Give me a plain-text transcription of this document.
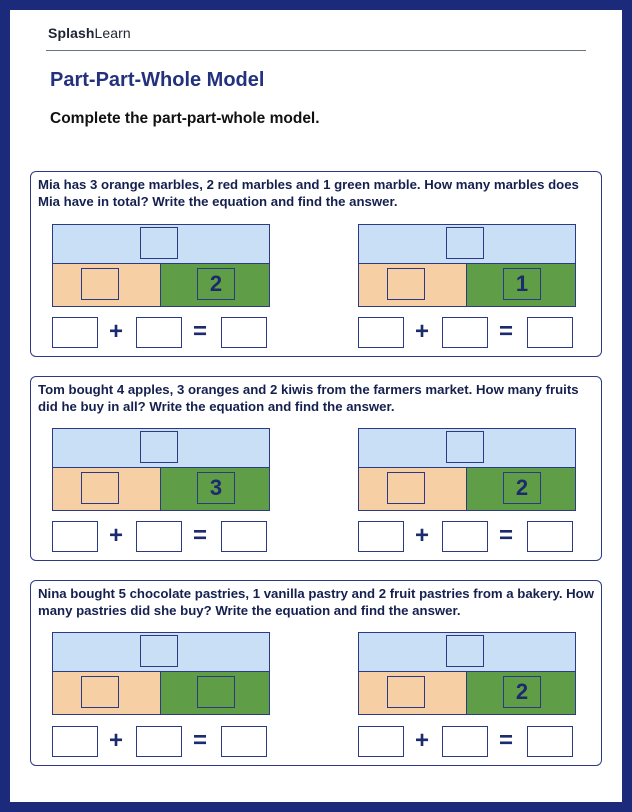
SplashLearn
Part-Part-Whole Model
Complete the part-part-whole model.
Mia has 3 orange marbles, 2 red marbles and 1 green marble. How many marbles does Mia have in total? Write the equation and find the answer.
2
+	=
1
+	=
Tom bought 4 apples, 3 oranges and 2 kiwis from the farmers market. How many fruits did he buy in all? Write the equation and find the answer.
3
+	=
2
+	=
Nina bought 5 chocolate pastries, 1 vanilla pastry and 2 fruit pastries from a bakery. How many pastries did she buy? Write the equation and find the answer.
+	=
2
+	=
